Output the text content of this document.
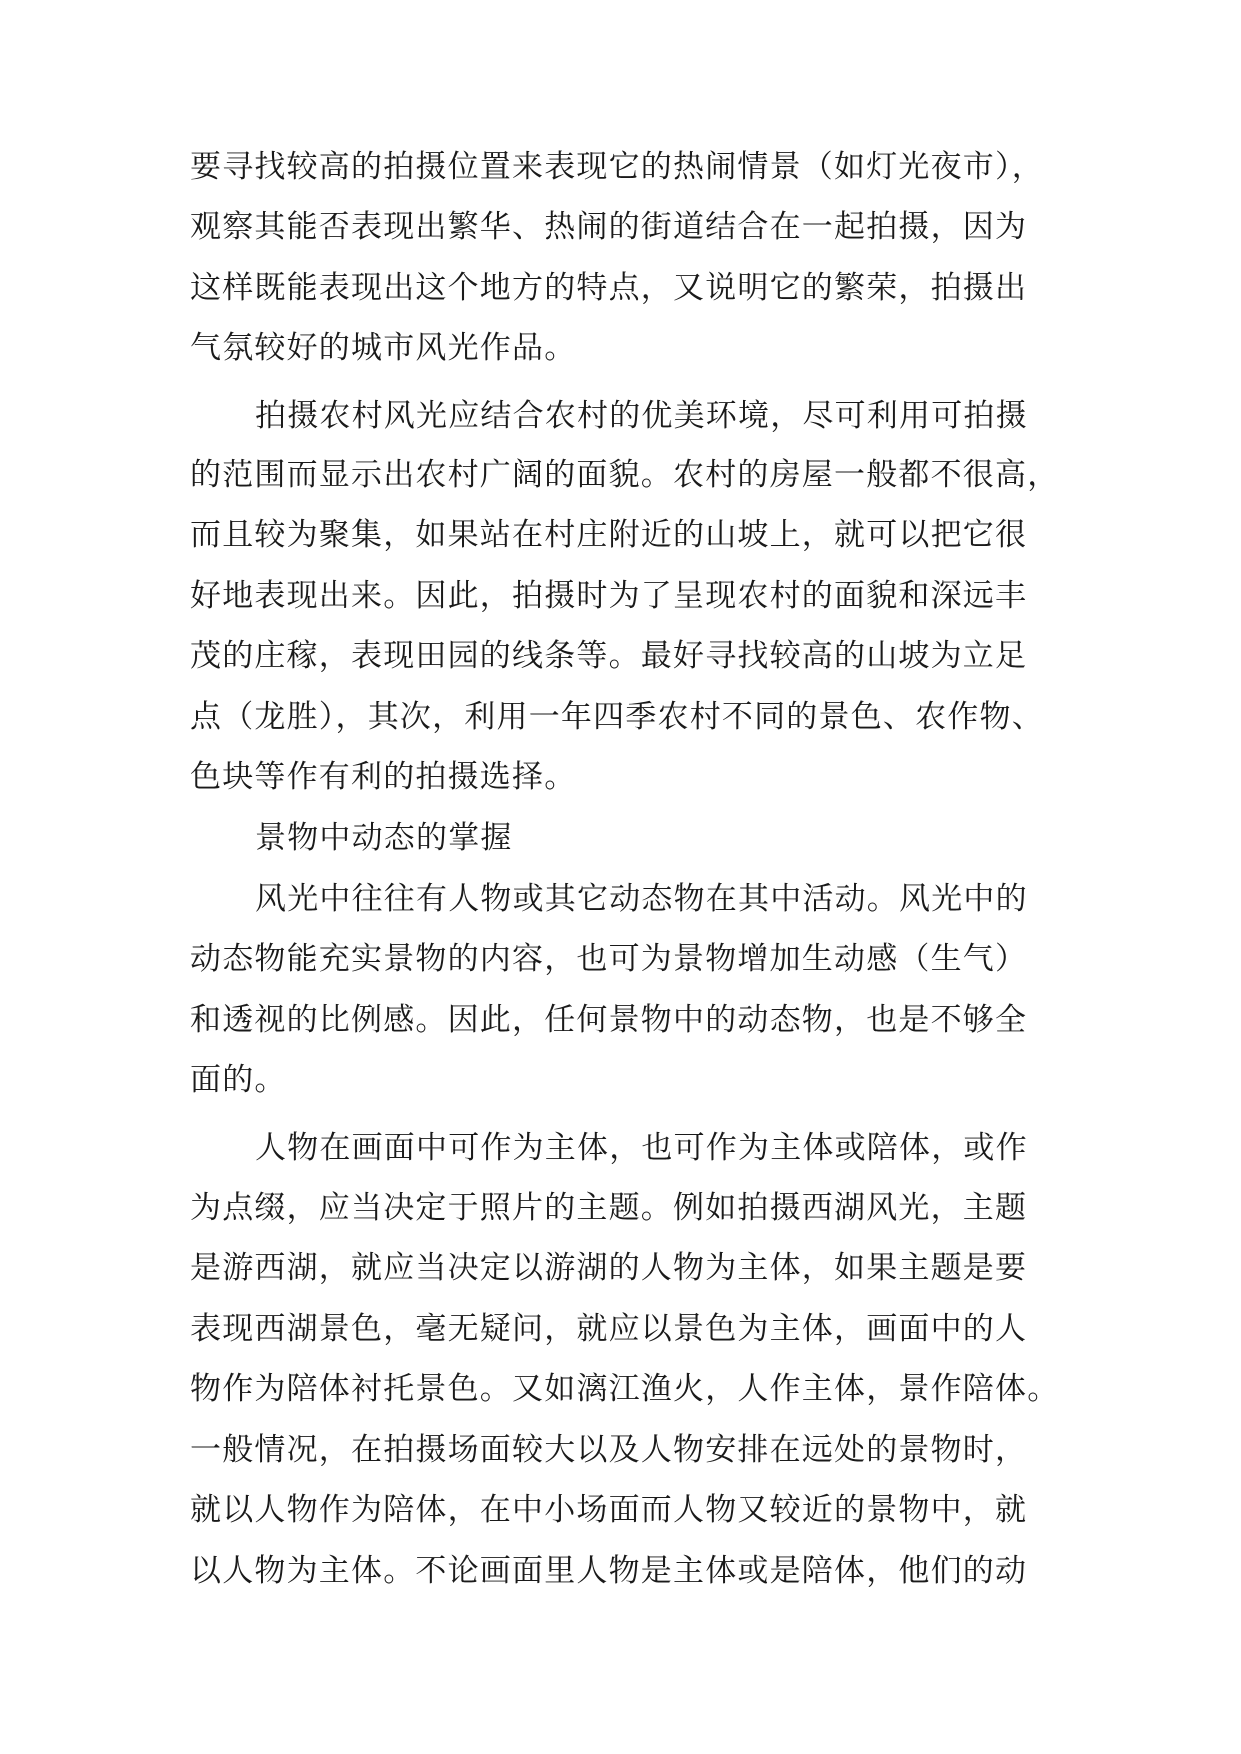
要寻找较高的拍摄位置来表现它的热闹情景（如灯光夜市），
观察其能否表现出繁华、热闹的街道结合在一起拍摄，因为
这样既能表现出这个地方的特点，又说明它的繁荣，拍摄出
气氛较好的城市风光作品。
拍摄农村风光应结合农村的优美环境，尽可利用可拍摄
的范围而显示出农村广阔的面貌。农村的房屋一般都不很高，
而且较为聚集，如果站在村庄附近的山坡上，就可以把它很
好地表现出来。因此，拍摄时为了呈现农村的面貌和深远丰
茂的庄稼，表现田园的线条等。最好寻找较高的山坡为立足
点（龙胜），其次，利用一年四季农村不同的景色、农作物、
色块等作有利的拍摄选择。
景物中动态的掌握
风光中往往有人物或其它动态物在其中活动。风光中的
动态物能充实景物的内容，也可为景物增加生动感（生气）
和透视的比例感。因此，任何景物中的动态物，也是不够全
面的。
人物在画面中可作为主体，也可作为主体或陪体，或作
为点缀，应当决定于照片的主题。例如拍摄西湖风光，主题
是游西湖，就应当决定以游湖的人物为主体，如果主题是要
表现西湖景色，毫无疑问，就应以景色为主体，画面中的人
物作为陪体衬托景色。又如漓江渔火，人作主体，景作陪体。
一般情况，在拍摄场面较大以及人物安排在远处的景物时，
就以人物作为陪体，在中小场面而人物又较近的景物中，就
以人物为主体。不论画面里人物是主体或是陪体，他们的动
